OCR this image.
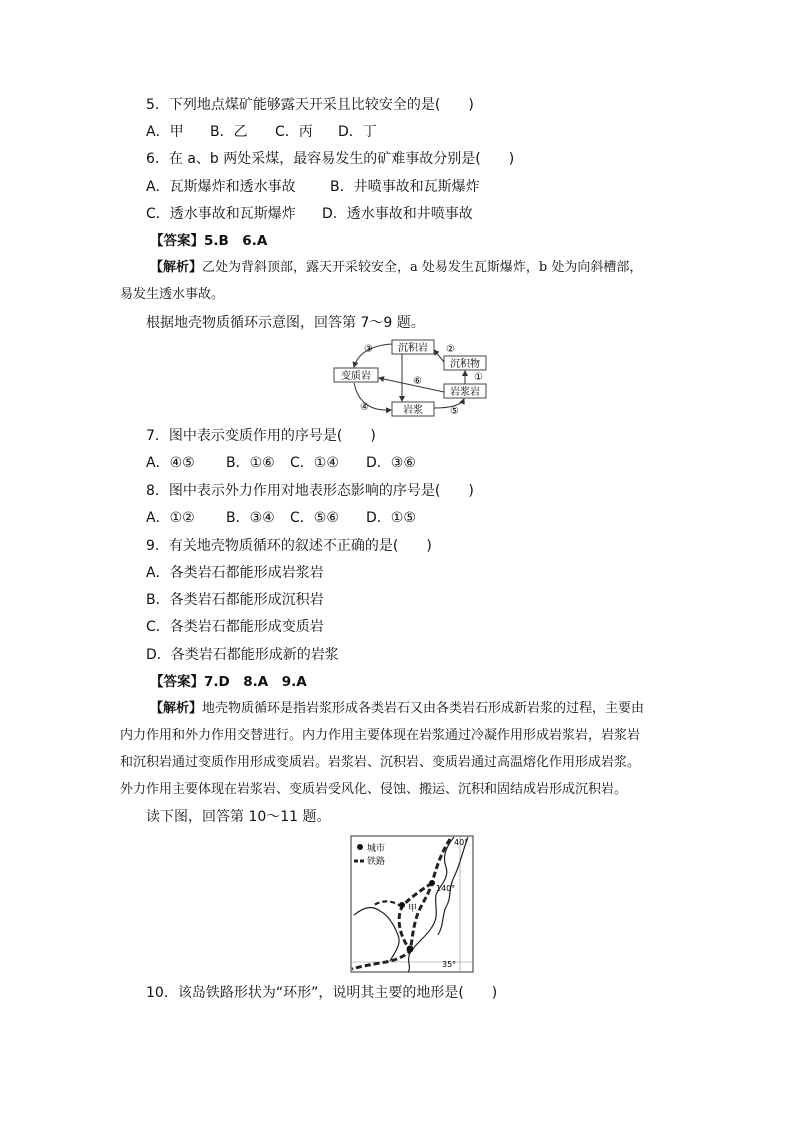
5．下列地点煤矿能够露天开采且比较安全的是(　　)
A．甲 B．乙 C．丙 D．丁
6．在 a、b 两处采煤，最容易发生的矿难事故分别是(　　)
A．瓦斯爆炸和透水事故 B．井喷事故和瓦斯爆炸
C．透水事故和瓦斯爆炸 D．透水事故和井喷事故
【答案】5.B　6.A
【解析】乙处为背斜顶部，露天开采较安全，a 处易发生瓦斯爆炸，b 处为向斜槽部，
易发生透水事故。
根据地壳物质循环示意图，回答第 7～9 题。
沉积岩
沉积物
变质岩
岩浆岩
岩浆
①
②
③
④	⑤
⑥
7．图中表示变质作用的序号是(　　)
A．④⑤ B．①⑥ C．①④ D．③⑥
8．图中表示外力作用对地表形态影响的序号是(　　)
A．①② B．③④ C．⑤⑥ D．①⑤
9．有关地壳物质循环的叙述不正确的是(　　)
A．各类岩石都能形成岩浆岩
B．各类岩石都能形成沉积岩
C．各类岩石都能形成变质岩
D．各类岩石都能形成新的岩浆
【答案】7.D　8.A　9.A
【解析】地壳物质循环是指岩浆形成各类岩石又由各类岩石形成新岩浆的过程，主要由
内力作用和外力作用交替进行。内力作用主要体现在岩浆通过冷凝作用形成岩浆岩，岩浆岩
和沉积岩通过变质作用形成变质岩。岩浆岩、沉积岩、变质岩通过高温熔化作用形成岩浆。
外力作用主要体现在岩浆岩、变质岩受风化、侵蚀、搬运、沉积和固结成岩形成沉积岩。
读下图，回答第 10～11 题。
城市
铁路
40°
140°
甲
35°
10．该岛铁路形状为“环形”，说明其主要的地形是(　　)
